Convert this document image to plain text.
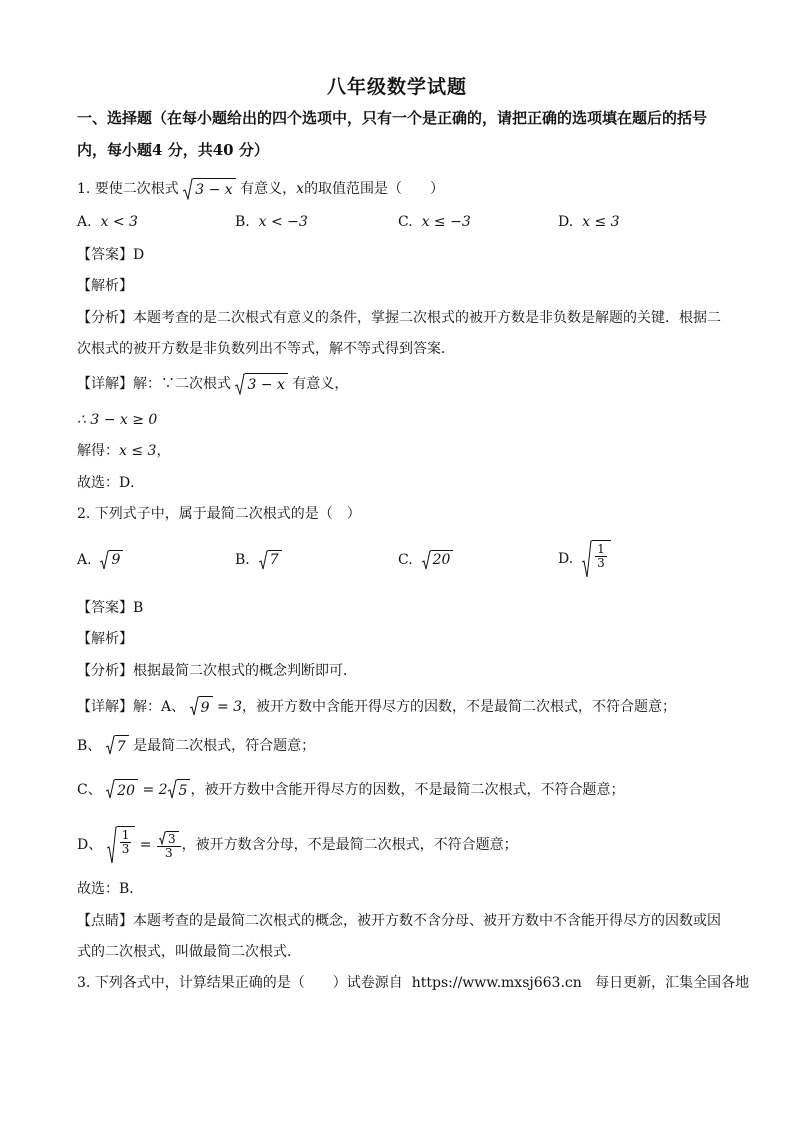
八年级数学试题
一、选择题（在每小题给出的四个选项中，只有一个是正确的，请把正确的选项填在题后的括号内，每小题4 分，共40 分）
1. 要使二次根式 3 − x 有意义，x的取值范围是（　　）
A. x < 3	B. x < −3	C. x ≤ −3	D. x ≤ 3
【答案】D
【解析】
【分析】本题考查的是二次根式有意义的条件，掌握二次根式的被开方数是非负数是解题的关键．根据二
次根式的被开方数是非负数列出不等式，解不等式得到答案．
【详解】解：∵二次根式 3 − x 有意义，
∴ 3 − x ≥ 0
解得：x ≤ 3，
故选：D．
2. 下列式子中，属于最简二次根式的是（　）
A. 9	B. 7	C. 20	D. $\frac{1}{3}$
【答案】B
【解析】
【分析】根据最简二次根式的概念判断即可．
【详解】解：A、 9 = 3，被开方数中含能开得尽方的因数，不是最简二次根式，不符合题意；
B、 7 是最简二次根式，符合题意；
C、 20 = 2 5 ，被开方数中含能开得尽方的因数，不是最简二次根式，不符合题意；
D、 $\frac{1}{3} = \frac{3}{3}$ ，被开方数含分母，不是最简二次根式，不符合题意；
故选：B．
【点睛】本题考查的是最简二次根式的概念，被开方数不含分母、被开方数中不含能开得尽方的因数或因
式的二次根式，叫做最简二次根式．
3. 下列各式中，计算结果正确的是（　　）试卷源自 https://www.mxsj663.cn 每日更新，汇集全国各地
